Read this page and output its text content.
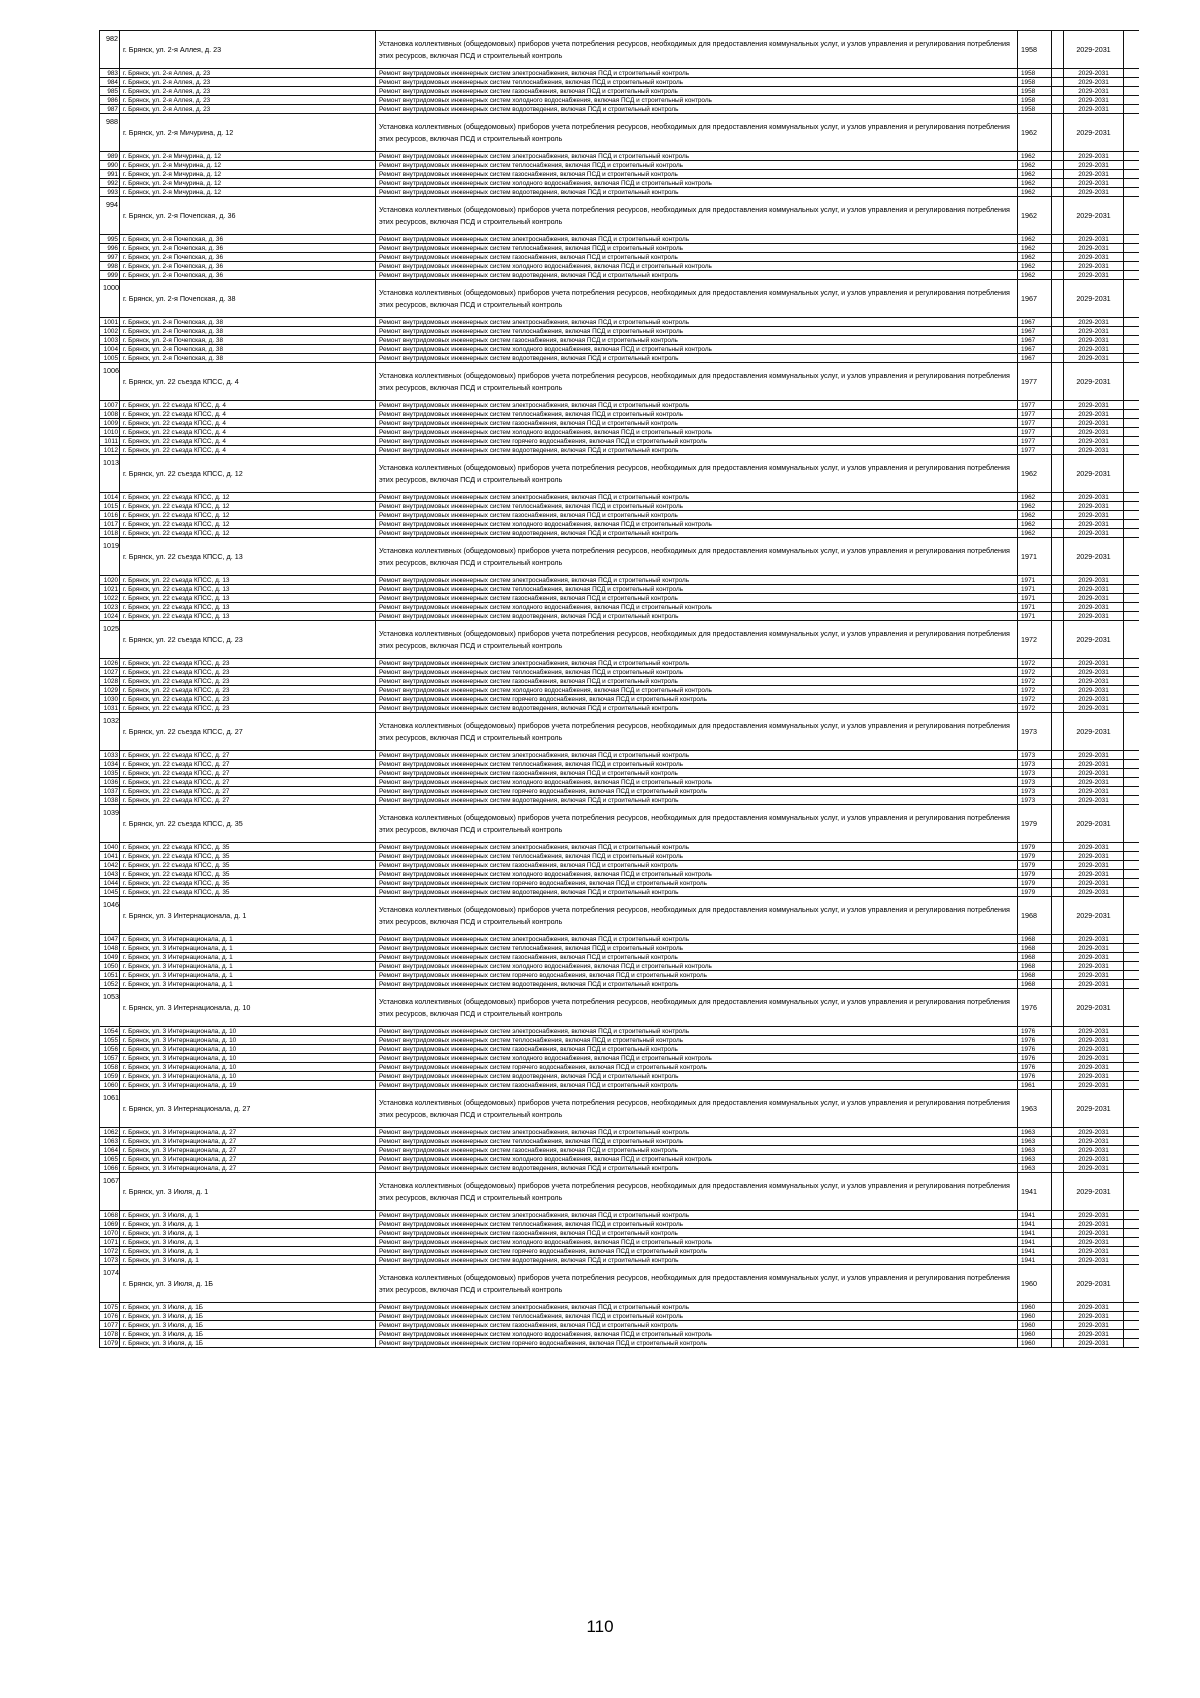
982	г. Брянск, ул. 2-я Аллея, д. 23	Установка коллективных (общедомовых) приборов учета потребления ресурсов, необходимых для предоставления коммунальных услуг, и узлов управления и регулирования потребления этих ресурсов, включая ПСД и строительный контроль	1958		2029-2031	
983	г. Брянск, ул. 2-я Аллея, д. 23	Ремонт внутридомовых инженерных систем электроснабжения, включая ПСД и строительный контроль	1958		2029-2031	
984	г. Брянск, ул. 2-я Аллея, д. 23	Ремонт внутридомовых инженерных систем теплоснабжения, включая ПСД и строительный контроль	1958		2029-2031	
985	г. Брянск, ул. 2-я Аллея, д. 23	Ремонт внутридомовых инженерных систем газоснабжения, включая ПСД и строительный контроль	1958		2029-2031	
986	г. Брянск, ул. 2-я Аллея, д. 23	Ремонт внутридомовых инженерных систем холодного водоснабжения, включая ПСД и строительный контроль	1958		2029-2031	
987	г. Брянск, ул. 2-я Аллея, д. 23	Ремонт внутридомовых инженерных систем водоотведения, включая ПСД и строительный контроль	1958		2029-2031	
988	г. Брянск, ул. 2-я Мичурина, д. 12	Установка коллективных (общедомовых) приборов учета потребления ресурсов, необходимых для предоставления коммунальных услуг, и узлов управления и регулирования потребления этих ресурсов, включая ПСД и строительный контроль	1962		2029-2031	
989	г. Брянск, ул. 2-я Мичурина, д. 12	Ремонт внутридомовых инженерных систем электроснабжения, включая ПСД и строительный контроль	1962		2029-2031	
990	г. Брянск, ул. 2-я Мичурина, д. 12	Ремонт внутридомовых инженерных систем теплоснабжения, включая ПСД и строительный контроль	1962		2029-2031	
991	г. Брянск, ул. 2-я Мичурина, д. 12	Ремонт внутридомовых инженерных систем газоснабжения, включая ПСД и строительный контроль	1962		2029-2031	
992	г. Брянск, ул. 2-я Мичурина, д. 12	Ремонт внутридомовых инженерных систем холодного водоснабжения, включая ПСД и строительный контроль	1962		2029-2031	
993	г. Брянск, ул. 2-я Мичурина, д. 12	Ремонт внутридомовых инженерных систем водоотведения, включая ПСД и строительный контроль	1962		2029-2031	
994	г. Брянск, ул. 2-я Почепская, д. 36	Установка коллективных (общедомовых) приборов учета потребления ресурсов, необходимых для предоставления коммунальных услуг, и узлов управления и регулирования потребления этих ресурсов, включая ПСД и строительный контроль	1962		2029-2031	
995	г. Брянск, ул. 2-я Почепская, д. 36	Ремонт внутридомовых инженерных систем электроснабжения, включая ПСД и строительный контроль	1962		2029-2031	
996	г. Брянск, ул. 2-я Почепская, д. 36	Ремонт внутридомовых инженерных систем теплоснабжения, включая ПСД и строительный контроль	1962		2029-2031	
997	г. Брянск, ул. 2-я Почепская, д. 36	Ремонт внутридомовых инженерных систем газоснабжения, включая ПСД и строительный контроль	1962		2029-2031	
998	г. Брянск, ул. 2-я Почепская, д. 36	Ремонт внутридомовых инженерных систем холодного водоснабжения, включая ПСД и строительный контроль	1962		2029-2031	
999	г. Брянск, ул. 2-я Почепская, д. 36	Ремонт внутридомовых инженерных систем водоотведения, включая ПСД и строительный контроль	1962		2029-2031	
1000	г. Брянск, ул. 2-я Почепская, д. 38	Установка коллективных (общедомовых) приборов учета потребления ресурсов, необходимых для предоставления коммунальных услуг, и узлов управления и регулирования потребления этих ресурсов, включая ПСД и строительный контроль	1967		2029-2031	
1001	г. Брянск, ул. 2-я Почепская, д. 38	Ремонт внутридомовых инженерных систем электроснабжения, включая ПСД и строительный контроль	1967		2029-2031	
1002	г. Брянск, ул. 2-я Почепская, д. 38	Ремонт внутридомовых инженерных систем теплоснабжения, включая ПСД и строительный контроль	1967		2029-2031	
1003	г. Брянск, ул. 2-я Почепская, д. 38	Ремонт внутридомовых инженерных систем газоснабжения, включая ПСД и строительный контроль	1967		2029-2031	
1004	г. Брянск, ул. 2-я Почепская, д. 38	Ремонт внутридомовых инженерных систем холодного водоснабжения, включая ПСД и строительный контроль	1967		2029-2031	
1005	г. Брянск, ул. 2-я Почепская, д. 38	Ремонт внутридомовых инженерных систем водоотведения, включая ПСД и строительный контроль	1967		2029-2031	
1006	г. Брянск, ул. 22 съезда КПСС, д. 4	Установка коллективных (общедомовых) приборов учета потребления ресурсов, необходимых для предоставления коммунальных услуг, и узлов управления и регулирования потребления этих ресурсов, включая ПСД и строительный контроль	1977		2029-2031	
1007	г. Брянск, ул. 22 съезда КПСС, д. 4	Ремонт внутридомовых инженерных систем электроснабжения, включая ПСД и строительный контроль	1977		2029-2031	
1008	г. Брянск, ул. 22 съезда КПСС, д. 4	Ремонт внутридомовых инженерных систем теплоснабжения, включая ПСД и строительный контроль	1977		2029-2031	
1009	г. Брянск, ул. 22 съезда КПСС, д. 4	Ремонт внутридомовых инженерных систем газоснабжения, включая ПСД и строительный контроль	1977		2029-2031	
1010	г. Брянск, ул. 22 съезда КПСС, д. 4	Ремонт внутридомовых инженерных систем холодного водоснабжения, включая ПСД и строительный контроль	1977		2029-2031	
1011	г. Брянск, ул. 22 съезда КПСС, д. 4	Ремонт внутридомовых инженерных систем горячего водоснабжения, включая ПСД и строительный контроль	1977		2029-2031	
1012	г. Брянск, ул. 22 съезда КПСС, д. 4	Ремонт внутридомовых инженерных систем водоотведения, включая ПСД и строительный контроль	1977		2029-2031	
1013	г. Брянск, ул. 22 съезда КПСС, д. 12	Установка коллективных (общедомовых) приборов учета потребления ресурсов, необходимых для предоставления коммунальных услуг, и узлов управления и регулирования потребления этих ресурсов, включая ПСД и строительный контроль	1962		2029-2031	
1014	г. Брянск, ул. 22 съезда КПСС, д. 12	Ремонт внутридомовых инженерных систем электроснабжения, включая ПСД и строительный контроль	1962		2029-2031	
1015	г. Брянск, ул. 22 съезда КПСС, д. 12	Ремонт внутридомовых инженерных систем теплоснабжения, включая ПСД и строительный контроль	1962		2029-2031	
1016	г. Брянск, ул. 22 съезда КПСС, д. 12	Ремонт внутридомовых инженерных систем газоснабжения, включая ПСД и строительный контроль	1962		2029-2031	
1017	г. Брянск, ул. 22 съезда КПСС, д. 12	Ремонт внутридомовых инженерных систем холодного водоснабжения, включая ПСД и строительный контроль	1962		2029-2031	
1018	г. Брянск, ул. 22 съезда КПСС, д. 12	Ремонт внутридомовых инженерных систем водоотведения, включая ПСД и строительный контроль	1962		2029-2031	
1019	г. Брянск, ул. 22 съезда КПСС, д. 13	Установка коллективных (общедомовых) приборов учета потребления ресурсов, необходимых для предоставления коммунальных услуг, и узлов управления и регулирования потребления этих ресурсов, включая ПСД и строительный контроль	1971		2029-2031	
1020	г. Брянск, ул. 22 съезда КПСС, д. 13	Ремонт внутридомовых инженерных систем электроснабжения, включая ПСД и строительный контроль	1971		2029-2031	
1021	г. Брянск, ул. 22 съезда КПСС, д. 13	Ремонт внутридомовых инженерных систем теплоснабжения, включая ПСД и строительный контроль	1971		2029-2031	
1022	г. Брянск, ул. 22 съезда КПСС, д. 13	Ремонт внутридомовых инженерных систем газоснабжения, включая ПСД и строительный контроль	1971		2029-2031	
1023	г. Брянск, ул. 22 съезда КПСС, д. 13	Ремонт внутридомовых инженерных систем холодного водоснабжения, включая ПСД и строительный контроль	1971		2029-2031	
1024	г. Брянск, ул. 22 съезда КПСС, д. 13	Ремонт внутридомовых инженерных систем водоотведения, включая ПСД и строительный контроль	1971		2029-2031	
1025	г. Брянск, ул. 22 съезда КПСС, д. 23	Установка коллективных (общедомовых) приборов учета потребления ресурсов, необходимых для предоставления коммунальных услуг, и узлов управления и регулирования потребления этих ресурсов, включая ПСД и строительный контроль	1972		2029-2031	
1026	г. Брянск, ул. 22 съезда КПСС, д. 23	Ремонт внутридомовых инженерных систем электроснабжения, включая ПСД и строительный контроль	1972		2029-2031	
1027	г. Брянск, ул. 22 съезда КПСС, д. 23	Ремонт внутридомовых инженерных систем теплоснабжения, включая ПСД и строительный контроль	1972		2029-2031	
1028	г. Брянск, ул. 22 съезда КПСС, д. 23	Ремонт внутридомовых инженерных систем газоснабжения, включая ПСД и строительный контроль	1972		2029-2031	
1029	г. Брянск, ул. 22 съезда КПСС, д. 23	Ремонт внутридомовых инженерных систем холодного водоснабжения, включая ПСД и строительный контроль	1972		2029-2031	
1030	г. Брянск, ул. 22 съезда КПСС, д. 23	Ремонт внутридомовых инженерных систем горячего водоснабжения, включая ПСД и строительный контроль	1972		2029-2031	
1031	г. Брянск, ул. 22 съезда КПСС, д. 23	Ремонт внутридомовых инженерных систем водоотведения, включая ПСД и строительный контроль	1972		2029-2031	
1032	г. Брянск, ул. 22 съезда КПСС, д. 27	Установка коллективных (общедомовых) приборов учета потребления ресурсов, необходимых для предоставления коммунальных услуг, и узлов управления и регулирования потребления этих ресурсов, включая ПСД и строительный контроль	1973		2029-2031	
1033	г. Брянск, ул. 22 съезда КПСС, д. 27	Ремонт внутридомовых инженерных систем электроснабжения, включая ПСД и строительный контроль	1973		2029-2031	
1034	г. Брянск, ул. 22 съезда КПСС, д. 27	Ремонт внутридомовых инженерных систем теплоснабжения, включая ПСД и строительный контроль	1973		2029-2031	
1035	г. Брянск, ул. 22 съезда КПСС, д. 27	Ремонт внутридомовых инженерных систем газоснабжения, включая ПСД и строительный контроль	1973		2029-2031	
1036	г. Брянск, ул. 22 съезда КПСС, д. 27	Ремонт внутридомовых инженерных систем холодного водоснабжения, включая ПСД и строительный контроль	1973		2029-2031	
1037	г. Брянск, ул. 22 съезда КПСС, д. 27	Ремонт внутридомовых инженерных систем горячего водоснабжения, включая ПСД и строительный контроль	1973		2029-2031	
1038	г. Брянск, ул. 22 съезда КПСС, д. 27	Ремонт внутридомовых инженерных систем водоотведения, включая ПСД и строительный контроль	1973		2029-2031	
1039	г. Брянск, ул. 22 съезда КПСС, д. 35	Установка коллективных (общедомовых) приборов учета потребления ресурсов, необходимых для предоставления коммунальных услуг, и узлов управления и регулирования потребления этих ресурсов, включая ПСД и строительный контроль	1979		2029-2031	
1040	г. Брянск, ул. 22 съезда КПСС, д. 35	Ремонт внутридомовых инженерных систем электроснабжения, включая ПСД и строительный контроль	1979		2029-2031	
1041	г. Брянск, ул. 22 съезда КПСС, д. 35	Ремонт внутридомовых инженерных систем теплоснабжения, включая ПСД и строительный контроль	1979		2029-2031	
1042	г. Брянск, ул. 22 съезда КПСС, д. 35	Ремонт внутридомовых инженерных систем газоснабжения, включая ПСД и строительный контроль	1979		2029-2031	
1043	г. Брянск, ул. 22 съезда КПСС, д. 35	Ремонт внутридомовых инженерных систем холодного водоснабжения, включая ПСД и строительный контроль	1979		2029-2031	
1044	г. Брянск, ул. 22 съезда КПСС, д. 35	Ремонт внутридомовых инженерных систем горячего водоснабжения, включая ПСД и строительный контроль	1979		2029-2031	
1045	г. Брянск, ул. 22 съезда КПСС, д. 35	Ремонт внутридомовых инженерных систем водоотведения, включая ПСД и строительный контроль	1979		2029-2031	
1046	г. Брянск, ул. 3 Интернационала, д. 1	Установка коллективных (общедомовых) приборов учета потребления ресурсов, необходимых для предоставления коммунальных услуг, и узлов управления и регулирования потребления этих ресурсов, включая ПСД и строительный контроль	1968		2029-2031	
1047	г. Брянск, ул. 3 Интернационала, д. 1	Ремонт внутридомовых инженерных систем электроснабжения, включая ПСД и строительный контроль	1968		2029-2031	
1048	г. Брянск, ул. 3 Интернационала, д. 1	Ремонт внутридомовых инженерных систем теплоснабжения, включая ПСД и строительный контроль	1968		2029-2031	
1049	г. Брянск, ул. 3 Интернационала, д. 1	Ремонт внутридомовых инженерных систем газоснабжения, включая ПСД и строительный контроль	1968		2029-2031	
1050	г. Брянск, ул. 3 Интернационала, д. 1	Ремонт внутридомовых инженерных систем холодного водоснабжения, включая ПСД и строительный контроль	1968		2029-2031	
1051	г. Брянск, ул. 3 Интернационала, д. 1	Ремонт внутридомовых инженерных систем горячего водоснабжения, включая ПСД и строительный контроль	1968		2029-2031	
1052	г. Брянск, ул. 3 Интернационала, д. 1	Ремонт внутридомовых инженерных систем водоотведения, включая ПСД и строительный контроль	1968		2029-2031	
1053	г. Брянск, ул. 3 Интернационала, д. 10	Установка коллективных (общедомовых) приборов учета потребления ресурсов, необходимых для предоставления коммунальных услуг, и узлов управления и регулирования потребления этих ресурсов, включая ПСД и строительный контроль	1976		2029-2031	
1054	г. Брянск, ул. 3 Интернационала, д. 10	Ремонт внутридомовых инженерных систем электроснабжения, включая ПСД и строительный контроль	1976		2029-2031	
1055	г. Брянск, ул. 3 Интернационала, д. 10	Ремонт внутридомовых инженерных систем теплоснабжения, включая ПСД и строительный контроль	1976		2029-2031	
1056	г. Брянск, ул. 3 Интернационала, д. 10	Ремонт внутридомовых инженерных систем газоснабжения, включая ПСД и строительный контроль	1976		2029-2031	
1057	г. Брянск, ул. 3 Интернационала, д. 10	Ремонт внутридомовых инженерных систем холодного водоснабжения, включая ПСД и строительный контроль	1976		2029-2031	
1058	г. Брянск, ул. 3 Интернационала, д. 10	Ремонт внутридомовых инженерных систем горячего водоснабжения, включая ПСД и строительный контроль	1976		2029-2031	
1059	г. Брянск, ул. 3 Интернационала, д. 10	Ремонт внутридомовых инженерных систем водоотведения, включая ПСД и строительный контроль	1976		2029-2031	
1060	г. Брянск, ул. 3 Интернационала, д. 19	Ремонт внутридомовых инженерных систем газоснабжения, включая ПСД и строительный контроль	1961		2029-2031	
1061	г. Брянск, ул. 3 Интернационала, д. 27	Установка коллективных (общедомовых) приборов учета потребления ресурсов, необходимых для предоставления коммунальных услуг, и узлов управления и регулирования потребления этих ресурсов, включая ПСД и строительный контроль	1963		2029-2031	
1062	г. Брянск, ул. 3 Интернационала, д. 27	Ремонт внутридомовых инженерных систем электроснабжения, включая ПСД и строительный контроль	1963		2029-2031	
1063	г. Брянск, ул. 3 Интернационала, д. 27	Ремонт внутридомовых инженерных систем теплоснабжения, включая ПСД и строительный контроль	1963		2029-2031	
1064	г. Брянск, ул. 3 Интернационала, д. 27	Ремонт внутридомовых инженерных систем газоснабжения, включая ПСД и строительный контроль	1963		2029-2031	
1065	г. Брянск, ул. 3 Интернационала, д. 27	Ремонт внутридомовых инженерных систем холодного водоснабжения, включая ПСД и строительный контроль	1963		2029-2031	
1066	г. Брянск, ул. 3 Интернационала, д. 27	Ремонт внутридомовых инженерных систем водоотведения, включая ПСД и строительный контроль	1963		2029-2031	
1067	г. Брянск, ул. 3 Июля, д. 1	Установка коллективных (общедомовых) приборов учета потребления ресурсов, необходимых для предоставления коммунальных услуг, и узлов управления и регулирования потребления этих ресурсов, включая ПСД и строительный контроль	1941		2029-2031	
1068	г. Брянск, ул. 3 Июля, д. 1	Ремонт внутридомовых инженерных систем электроснабжения, включая ПСД и строительный контроль	1941		2029-2031	
1069	г. Брянск, ул. 3 Июля, д. 1	Ремонт внутридомовых инженерных систем теплоснабжения, включая ПСД и строительный контроль	1941		2029-2031	
1070	г. Брянск, ул. 3 Июля, д. 1	Ремонт внутридомовых инженерных систем газоснабжения, включая ПСД и строительный контроль	1941		2029-2031	
1071	г. Брянск, ул. 3 Июля, д. 1	Ремонт внутридомовых инженерных систем холодного водоснабжения, включая ПСД и строительный контроль	1941		2029-2031	
1072	г. Брянск, ул. 3 Июля, д. 1	Ремонт внутридомовых инженерных систем горячего водоснабжения, включая ПСД и строительный контроль	1941		2029-2031	
1073	г. Брянск, ул. 3 Июля, д. 1	Ремонт внутридомовых инженерных систем водоотведения, включая ПСД и строительный контроль	1941		2029-2031	
1074	г. Брянск, ул. 3 Июля, д. 1Б	Установка коллективных (общедомовых) приборов учета потребления ресурсов, необходимых для предоставления коммунальных услуг, и узлов управления и регулирования потребления этих ресурсов, включая ПСД и строительный контроль	1960		2029-2031	
1075	г. Брянск, ул. 3 Июля, д. 1Б	Ремонт внутридомовых инженерных систем электроснабжения, включая ПСД и строительный контроль	1960		2029-2031	
1076	г. Брянск, ул. 3 Июля, д. 1Б	Ремонт внутридомовых инженерных систем теплоснабжения, включая ПСД и строительный контроль	1960		2029-2031	
1077	г. Брянск, ул. 3 Июля, д. 1Б	Ремонт внутридомовых инженерных систем газоснабжения, включая ПСД и строительный контроль	1960		2029-2031	
1078	г. Брянск, ул. 3 Июля, д. 1Б	Ремонт внутридомовых инженерных систем холодного водоснабжения, включая ПСД и строительный контроль	1960		2029-2031	
1079	г. Брянск, ул. 3 Июля, д. 1Б	Ремонт внутридомовых инженерных систем горячего водоснабжения, включая ПСД и строительный контроль	1960		2029-2031	
110
